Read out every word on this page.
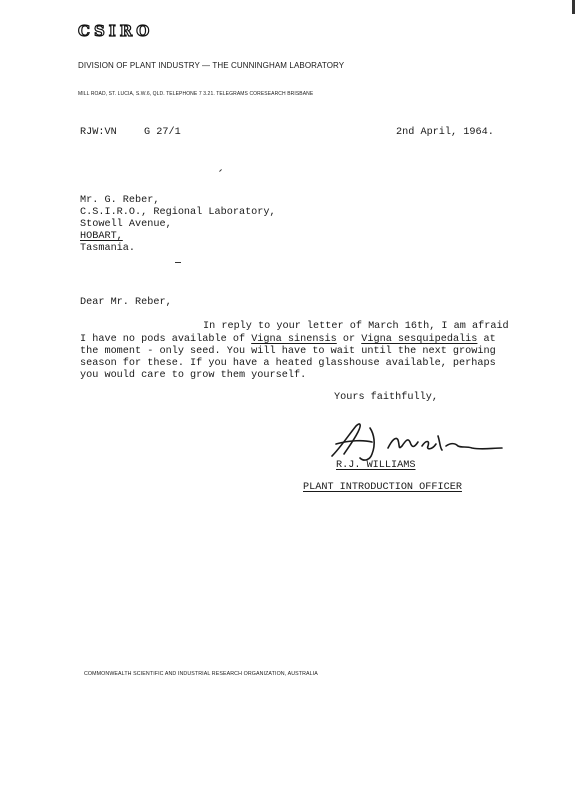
CSIRO
DIVISION OF PLANT INDUSTRY — THE CUNNINGHAM LABORATORY
MILL ROAD, ST. LUCIA, S.W.6, QLD. TELEPHONE 7 3.21. TELEGRAMS CORESEARCH BRISBANE
RJW:VN	G 27/1	2nd April, 1964.
Mr. G. Reber,
C.S.I.R.O., Regional Laboratory,
Stowell Avenue,
HOBART,
Tasmania.
Dear Mr. Reber,
In reply to your letter of March 16th, I am afraid
I have no pods available of Vigna sinensis or Vigna sesquipedalis at
the moment - only seed. You will have to wait until the next growing
season for these. If you have a heated glasshouse available, perhaps
you would care to grow them yourself.
Yours faithfully,
R.J. WILLIAMS
PLANT INTRODUCTION OFFICER
COMMONWEALTH SCIENTIFIC AND INDUSTRIAL RESEARCH ORGANIZATION, AUSTRALIA
